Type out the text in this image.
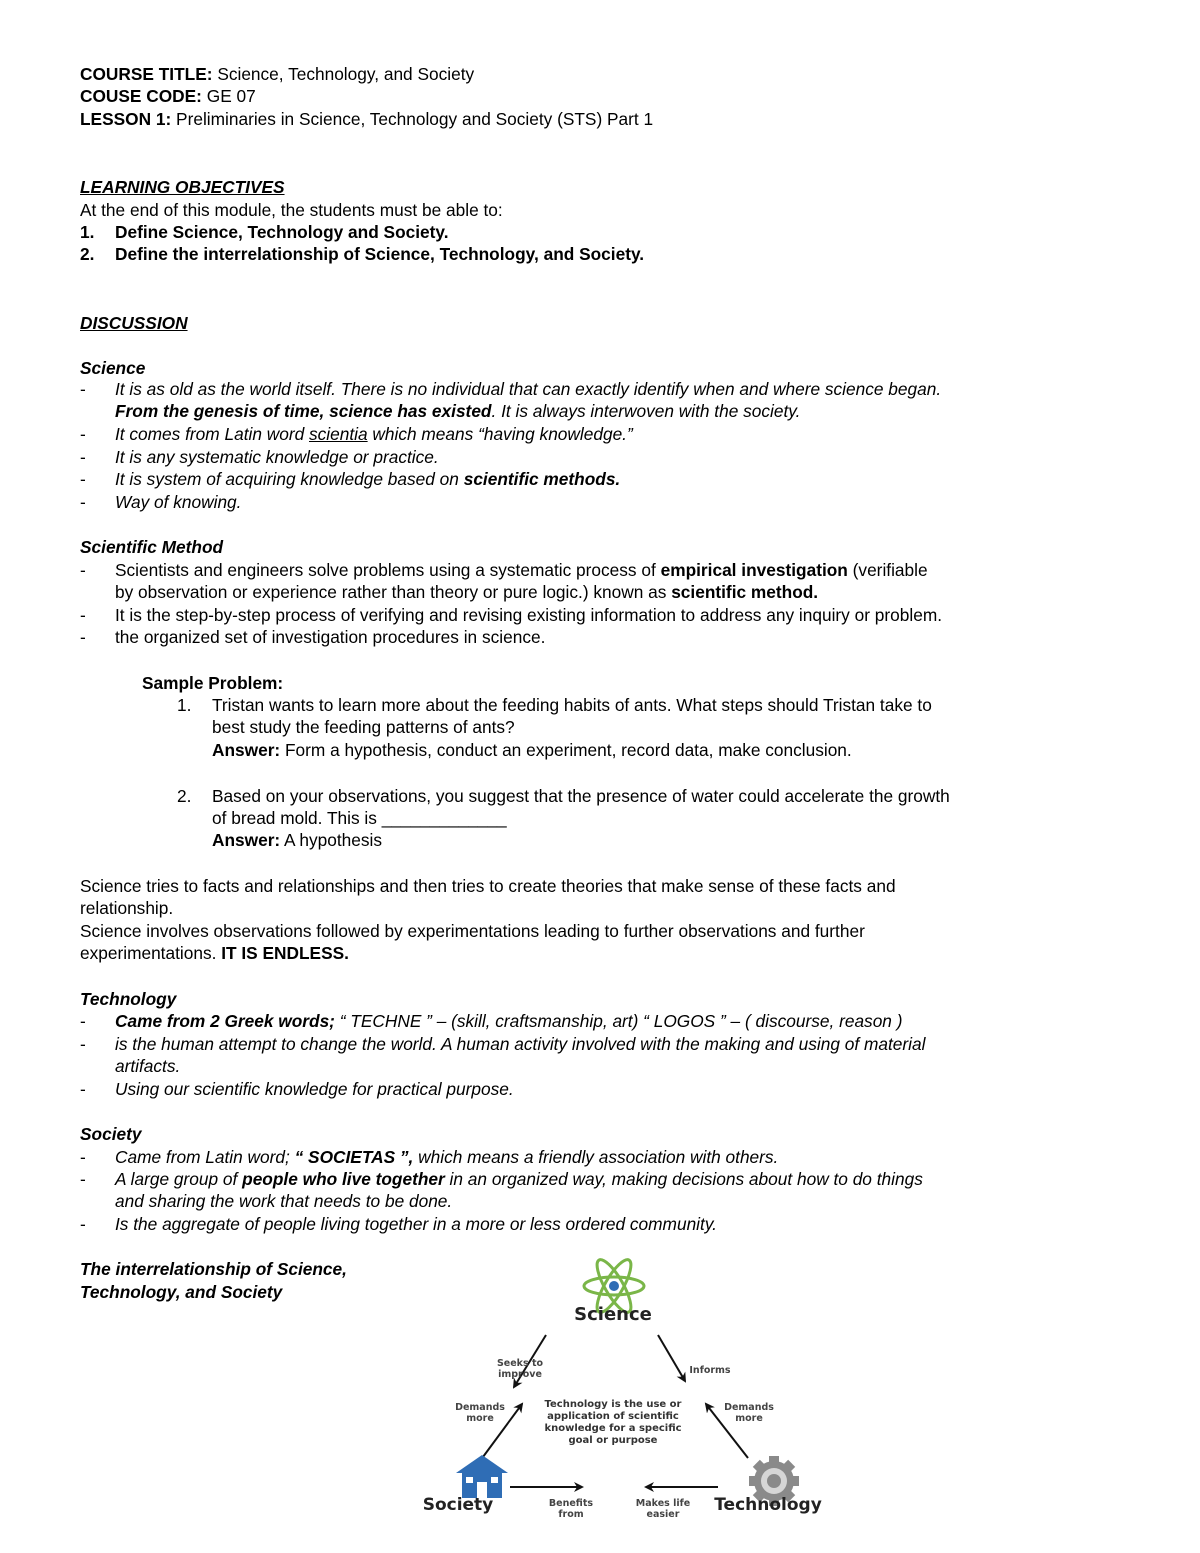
COURSE TITLE: Science, Technology, and Society
COUSE CODE: GE 07
LESSON 1: Preliminaries in Science, Technology and Society (STS) Part 1
LEARNING OBJECTIVES
At the end of this module, the students must be able to:
1. Define Science, Technology and Society.
2. Define the interrelationship of Science, Technology, and Society.
DISCUSSION
Science
- It is as old as the world itself. There is no individual that can exactly identify when and where science began.
From the genesis of time, science has existed. It is always interwoven with the society.
- It comes from Latin word scientia which means “having knowledge.”
- It is any systematic knowledge or practice.
- It is system of acquiring knowledge based on scientific methods.
- Way of knowing.
Scientific Method
- Scientists and engineers solve problems using a systematic process of empirical investigation (verifiable
by observation or experience rather than theory or pure logic.) known as scientific method.
- It is the step-by-step process of verifying and revising existing information to address any inquiry or problem.
- the organized set of investigation procedures in science.
Sample Problem:
1. Tristan wants to learn more about the feeding habits of ants. What steps should Tristan take to
best study the feeding patterns of ants?
Answer: Form a hypothesis, conduct an experiment, record data, make conclusion.
2. Based on your observations, you suggest that the presence of water could accelerate the growth
of bread mold. This is _____________
Answer: A hypothesis
Science tries to facts and relationships and then tries to create theories that make sense of these facts and
relationship.
Science involves observations followed by experimentations leading to further observations and further
experimentations. IT IS ENDLESS.
Technology
- Came from 2 Greek words; “ TECHNE ” – (skill, craftsmanship, art) “ LOGOS ” – ( discourse, reason )
- is the human attempt to change the world. A human activity involved with the making and using of material
artifacts.
- Using our scientific knowledge for practical purpose.
Society
- Came from Latin word; “ SOCIETAS ”, which means a friendly association with others.
- A large group of people who live together in an organized way, making decisions about how to do things
and sharing the work that needs to be done.
- Is the aggregate of people living together in a more or less ordered community.
The interrelationship of Science,
Technology, and Society
Science
Seeks to
improve	Informs
Demands
more
Demands
more
Technology is the use or
application of scientific
knowledge for a specific
goal or purpose
Society	Technology
Benefits
from
Makes life
easier
